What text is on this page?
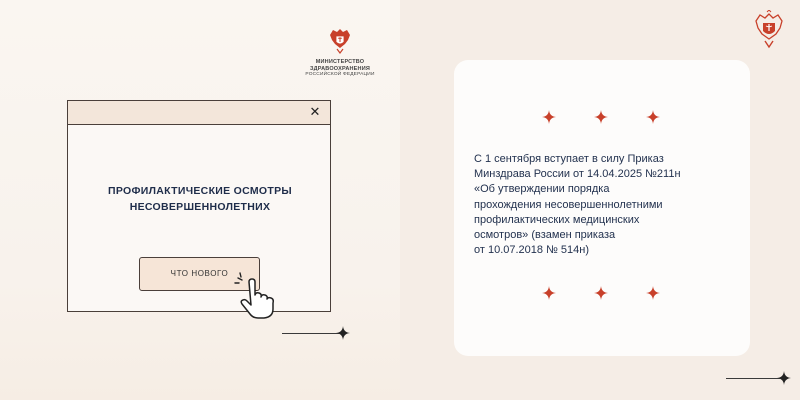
МИНИСТЕРСТВО
ЗДРАВООХРАНЕНИЯ
РОССИЙСКОЙ ФЕДЕРАЦИИ
✕
ПРОФИЛАКТИЧЕСКИЕ ОСМОТРЫ
НЕСОВЕРШЕННОЛЕТНИХ
ЧТО НОВОГО
С 1 сентября вступает в силу Приказ
Минздрава России от 14.04.2025 №211н
«Об утверждении порядка
прохождения несовершеннолетними
профилактических медицинских
осмотров» (взамен приказа
от 10.07.2018 № 514н)
